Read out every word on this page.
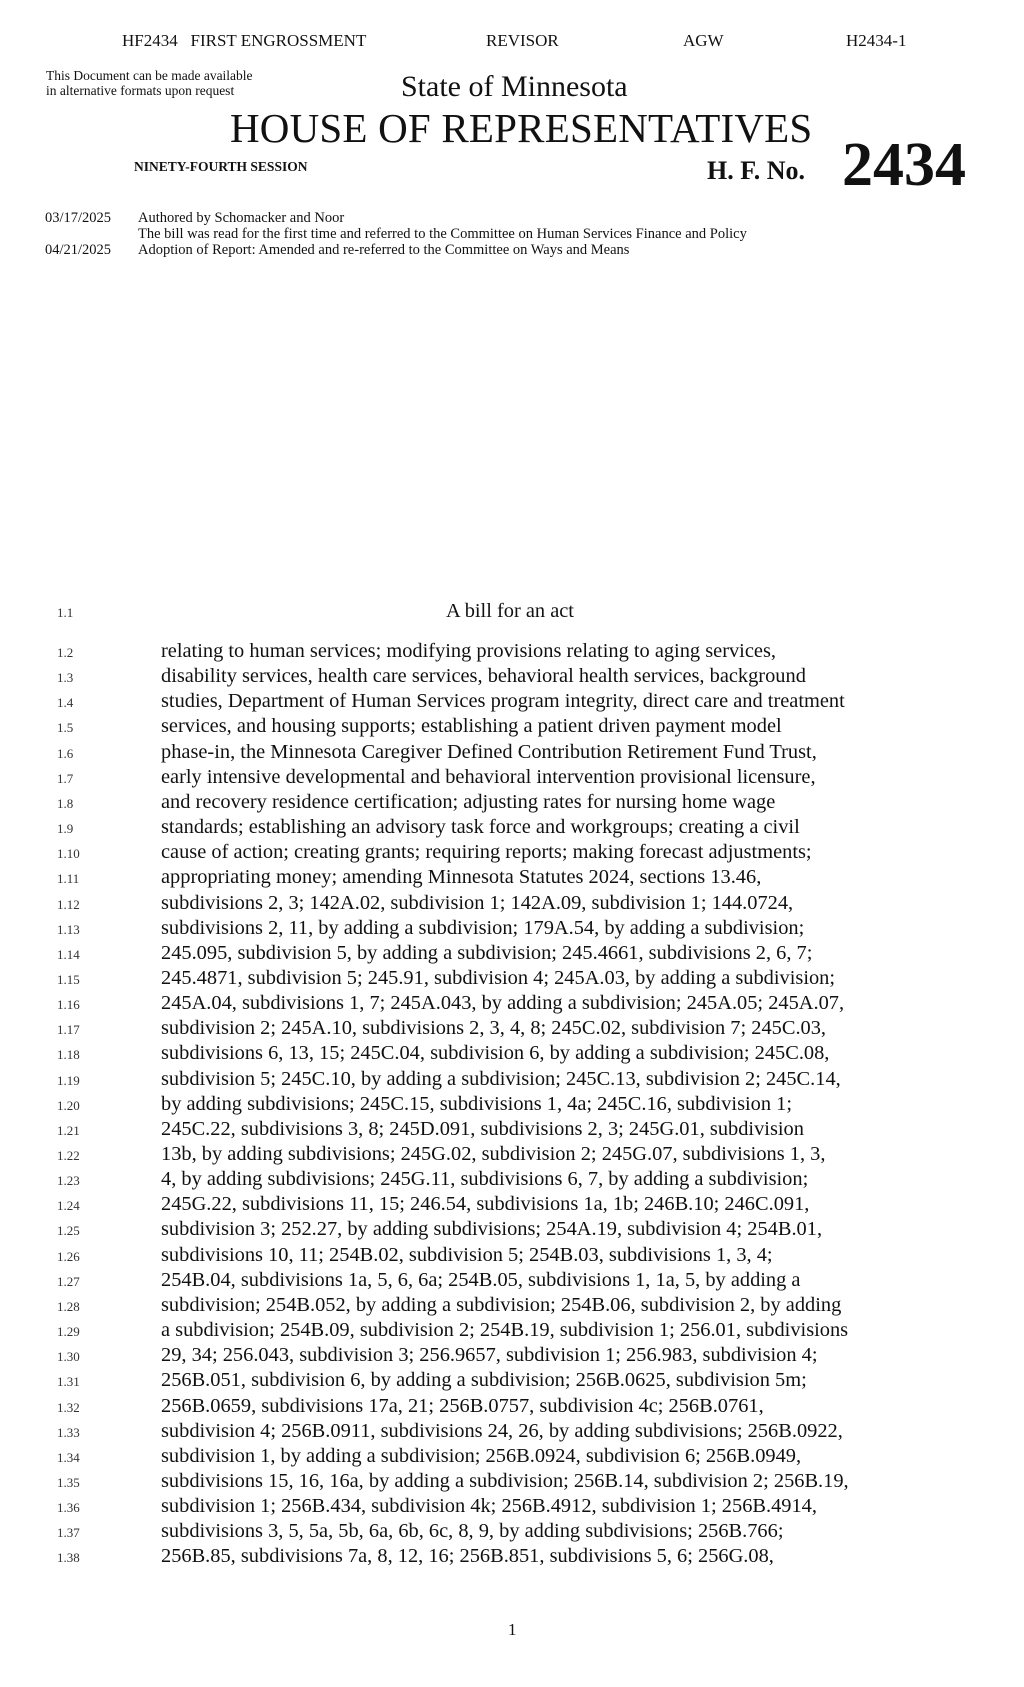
HF2434 FIRST ENGROSSMENT	REVISOR	AGW	H2434-1
This Document can be made available
in alternative formats upon request	State of Minnesota
HOUSE OF REPRESENTATIVES
NINETY-FOURTH SESSION	H. F. No. 2434
03/17/2025 Authored by Schomacker and Noor
The bill was read for the first time and referred to the Committee on Human Services Finance and Policy
04/21/2025 Adoption of Report: Amended and re-referred to the Committee on Ways and Means
1.1	A bill for an act
1.2	relating to human services; modifying provisions relating to aging services,
1.3	disability services, health care services, behavioral health services, background
1.4	studies, Department of Human Services program integrity, direct care and treatment
1.5	services, and housing supports; establishing a patient driven payment model
1.6	phase-in, the Minnesota Caregiver Defined Contribution Retirement Fund Trust,
1.7	early intensive developmental and behavioral intervention provisional licensure,
1.8	and recovery residence certification; adjusting rates for nursing home wage
1.9	standards; establishing an advisory task force and workgroups; creating a civil
1.10	cause of action; creating grants; requiring reports; making forecast adjustments;
1.11	appropriating money; amending Minnesota Statutes 2024, sections 13.46,
1.12	subdivisions 2, 3; 142A.02, subdivision 1; 142A.09, subdivision 1; 144.0724,
1.13	subdivisions 2, 11, by adding a subdivision; 179A.54, by adding a subdivision;
1.14	245.095, subdivision 5, by adding a subdivision; 245.4661, subdivisions 2, 6, 7;
1.15	245.4871, subdivision 5; 245.91, subdivision 4; 245A.03, by adding a subdivision;
1.16	245A.04, subdivisions 1, 7; 245A.043, by adding a subdivision; 245A.05; 245A.07,
1.17	subdivision 2; 245A.10, subdivisions 2, 3, 4, 8; 245C.02, subdivision 7; 245C.03,
1.18	subdivisions 6, 13, 15; 245C.04, subdivision 6, by adding a subdivision; 245C.08,
1.19	subdivision 5; 245C.10, by adding a subdivision; 245C.13, subdivision 2; 245C.14,
1.20	by adding subdivisions; 245C.15, subdivisions 1, 4a; 245C.16, subdivision 1;
1.21	245C.22, subdivisions 3, 8; 245D.091, subdivisions 2, 3; 245G.01, subdivision
1.22	13b, by adding subdivisions; 245G.02, subdivision 2; 245G.07, subdivisions 1, 3,
1.23	4, by adding subdivisions; 245G.11, subdivisions 6, 7, by adding a subdivision;
1.24	245G.22, subdivisions 11, 15; 246.54, subdivisions 1a, 1b; 246B.10; 246C.091,
1.25	subdivision 3; 252.27, by adding subdivisions; 254A.19, subdivision 4; 254B.01,
1.26	subdivisions 10, 11; 254B.02, subdivision 5; 254B.03, subdivisions 1, 3, 4;
1.27	254B.04, subdivisions 1a, 5, 6, 6a; 254B.05, subdivisions 1, 1a, 5, by adding a
1.28	subdivision; 254B.052, by adding a subdivision; 254B.06, subdivision 2, by adding
1.29	a subdivision; 254B.09, subdivision 2; 254B.19, subdivision 1; 256.01, subdivisions
1.30	29, 34; 256.043, subdivision 3; 256.9657, subdivision 1; 256.983, subdivision 4;
1.31	256B.051, subdivision 6, by adding a subdivision; 256B.0625, subdivision 5m;
1.32	256B.0659, subdivisions 17a, 21; 256B.0757, subdivision 4c; 256B.0761,
1.33	subdivision 4; 256B.0911, subdivisions 24, 26, by adding subdivisions; 256B.0922,
1.34	subdivision 1, by adding a subdivision; 256B.0924, subdivision 6; 256B.0949,
1.35	subdivisions 15, 16, 16a, by adding a subdivision; 256B.14, subdivision 2; 256B.19,
1.36	subdivision 1; 256B.434, subdivision 4k; 256B.4912, subdivision 1; 256B.4914,
1.37	subdivisions 3, 5, 5a, 5b, 6a, 6b, 6c, 8, 9, by adding subdivisions; 256B.766;
1.38	256B.85, subdivisions 7a, 8, 12, 16; 256B.851, subdivisions 5, 6; 256G.08,
1
